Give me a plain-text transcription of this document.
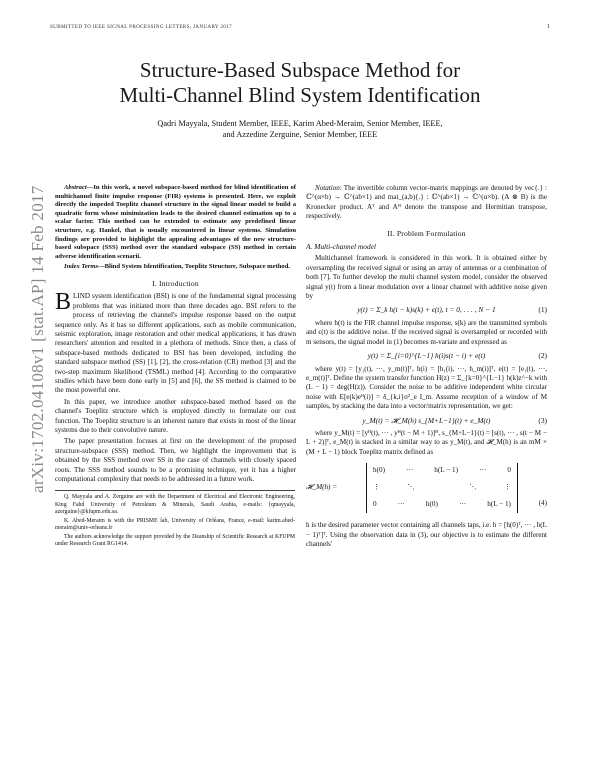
SUBMITTED TO IEEE SIGNAL PROCESSING LETTERS, JANUARY 2017	1
Structure-Based Subspace Method for
Multi-Channel Blind System Identification
Qadri Mayyala, Student Member, IEEE, Karim Abed-Meraim, Senior Member, IEEE,
and Azzedine Zerguine, Senior Member, IEEE
arXiv:1702.04108v1 [stat.AP] 14 Feb 2017	Abstract—In this work, a novel subspace-based method for blind identification of multichannel finite impulse response (FIR) systems is presented. Here, we exploit directly the impeded Toeplitz channel structure in the signal linear model to build a quadratic form whose minimization leads to the desired channel estimation up to a scalar factor. This method can be extended to estimate any predefined linear structure, e.g. Hankel, that is usually encountered in linear systems. Simulation findings are provided to highlight the appealing advantages of the new structure-based subspace (SSS) method over the standard subspace (SS) method in certain adverse identification scenarii.

Index Terms—Blind System Identification, Toeplitz Structure, Subspace method.

I. Introduction

BLIND system identification (BSI) is one of the fundamental signal processing problems that was initiated more than three decades ago. BSI refers to the process of retrieving the channel's impulse response based on the output sequence only. As it has so different applications, such as mobile communication, seismic exploration, image restoration and other medical applications, it has drawn researchers' attention and resulted in a plethora of methods. Since then, a class of subspace-based methods dedicated to BSI has been developed, including the standard subspace method (SS) [1], [2], the cross-relation (CR) method [3] and the two-step maximum likelihood (TSML) method [4]. According to the comparative studies which have been done early in [5] and [6], the SS method is claimed to be the most powerful one.

In this paper, we introduce another subspace-based method based on the channel's Toeplitz structure which is employed directly to formulate our cost function. The Toeplitz structure is an inherent nature that exists in most of the linear systems due to their convolutive nature.

The paper presentation focuses at first on the development of the proposed structure-subspace (SSS) method. Then, we highlight the improvement that is obtained by the SSS method over SS in the case of channels with closely spaced roots. The SSS method sounds to be a promising technique, yet it has a higher computational complexity that needs to be addressed in a future work.

Q. Mayyala and A. Zerguine are with the Department of Electrical and Electronic Engineering, King Fahd University of Petroleum & Minerals, Saudi Arabia, e-mails: {qmayyala, azerguine}@kfupm.edu.sa.

K. Abed-Meraim is with the PRISME lab, University of Orléans, France, e-mail: karim.abed-meraim@univ-orleans.fr

The authors acknowledge the support provided by the Deanship of Scientific Research at KFUPM under Research Grant RG1414.

Notation: The invertible column vector-matrix mappings are denoted by vec{.} : ℂ^(α×b) → ℂ^(ab×1) and mat_(a,b){.} : ℂ^(ab×1) → ℂ^(α×b). (A ⊗ B) is the Kronecker product. Aᵀ and Aᴴ denote the transpose and Hermitian transpose, respectively.

II. Problem Formulation
A. Multi-channel model

Multichannel framework is considered in this work. It is obtained either by oversampling the received signal or using an array of antennas or a combination of both [7]. To further develop the multi channel system model, consider the observed signal y(t) from a linear modulation over a linear channel with additive noise given by

y(t) = Σ_k h(t − k)s(k) + ϵ(t), t = 0, . . . , N − 1	(1)

where h(t) is the FIR channel impulse response, s(k) are the transmitted symbols and ϵ(t) is the additive noise. If the received signal is oversampled or recorded with m sensors, the signal model in (1) becomes m-variate and expressed as

y(t) = Σ_{i=0}^{L−1} h(i)s(t − i) + e(t)	(2)

where y(t) = [y₁(t), ···, y_m(t)]ᵀ, h(i) = [h₁(i), ···, h_m(i)]ᵀ, e(t) = [e₁(t), ···, e_m(t)]ᵀ. Define the system transfer function H(z) = Σ_{k=0}^{L−1} h(k)z^−k with (L − 1) = deg(H(z)). Consider the noise to be additive independent white circular noise with E[e(k)eᴴ(i)] = δ_{k,i}σ²_e I_m. Assume reception of a window of M samples, by stacking the data into a vector/matrix representation, we get:

y_M(t) = 𝓗_M(h) s_{M+L−1}(t) + e_M(t)	(3)

where y_M(t) = [yᴴ(t), ··· , yᴴ(t − M + 1)]ᴴ, s_{M+L−1}(t) = [s(t), ··· , s(t − M − L + 2)]ᵀ, e_M(t) is stacked in a similar way to as y_M(t), and 𝓗_M(h) is an mM × (M + L − 1) block Toeplitz matrix defined as

𝓗_M(h) =
h(0)	···	h(L − 1)	···	0
⋮	⋱	⋱	⋮
0	···	h(0)	···	h(L − 1)	(4)

h is the desired parameter vector containing all channels taps, i.e. h = [h(0)ᵀ, ··· , h(L − 1)ᵀ]ᵀ. Using the observation data in (3), our objective is to estimate the different channels'
